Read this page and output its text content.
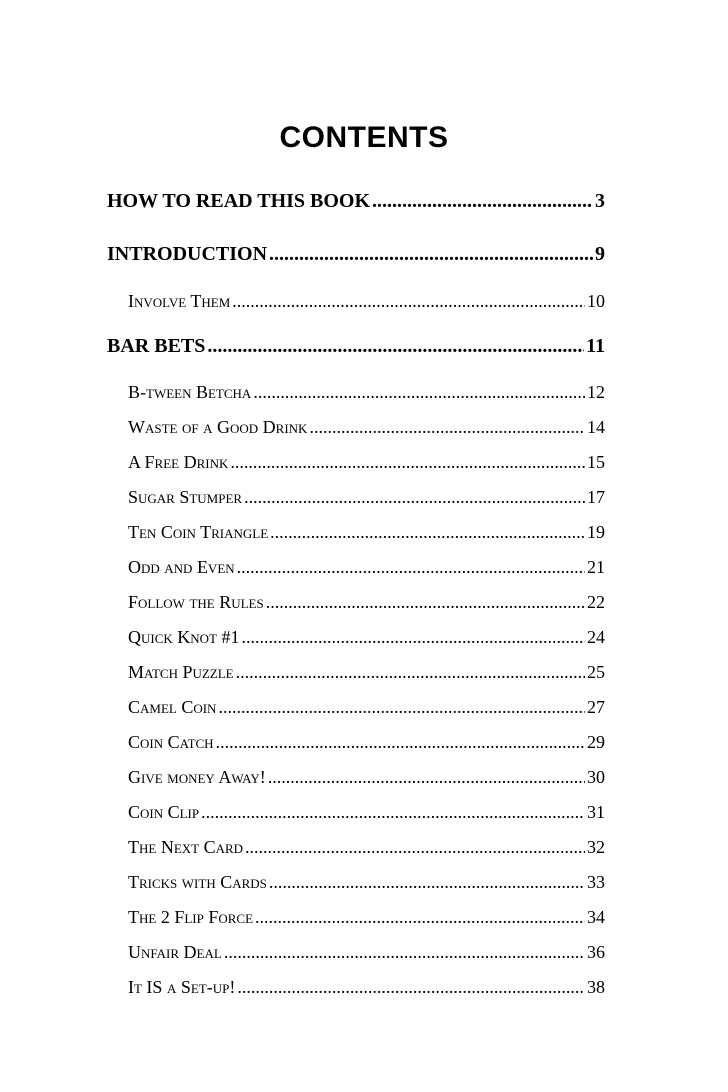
CONTENTS
HOW TO READ THIS BOOK .....	3
INTRODUCTION .....	9
Involve Them .....	10
BAR BETS .....	11
B-tween Betcha .....	12
Waste of a Good Drink .....	14
A Free Drink .....	15
Sugar Stumper .....	17
Ten Coin Triangle .....	19
Odd and Even .....	21
Follow the Rules .....	22
Quick Knot #1 .....	24
Match Puzzle .....	25
Camel Coin .....	27
Coin Catch .....	29
Give money Away! .....	30
Coin Clip .....	31
The Next Card .....	32
Tricks with Cards .....	33
The 2 Flip Force .....	34
Unfair Deal .....	36
It IS a Set-up! .....	38
